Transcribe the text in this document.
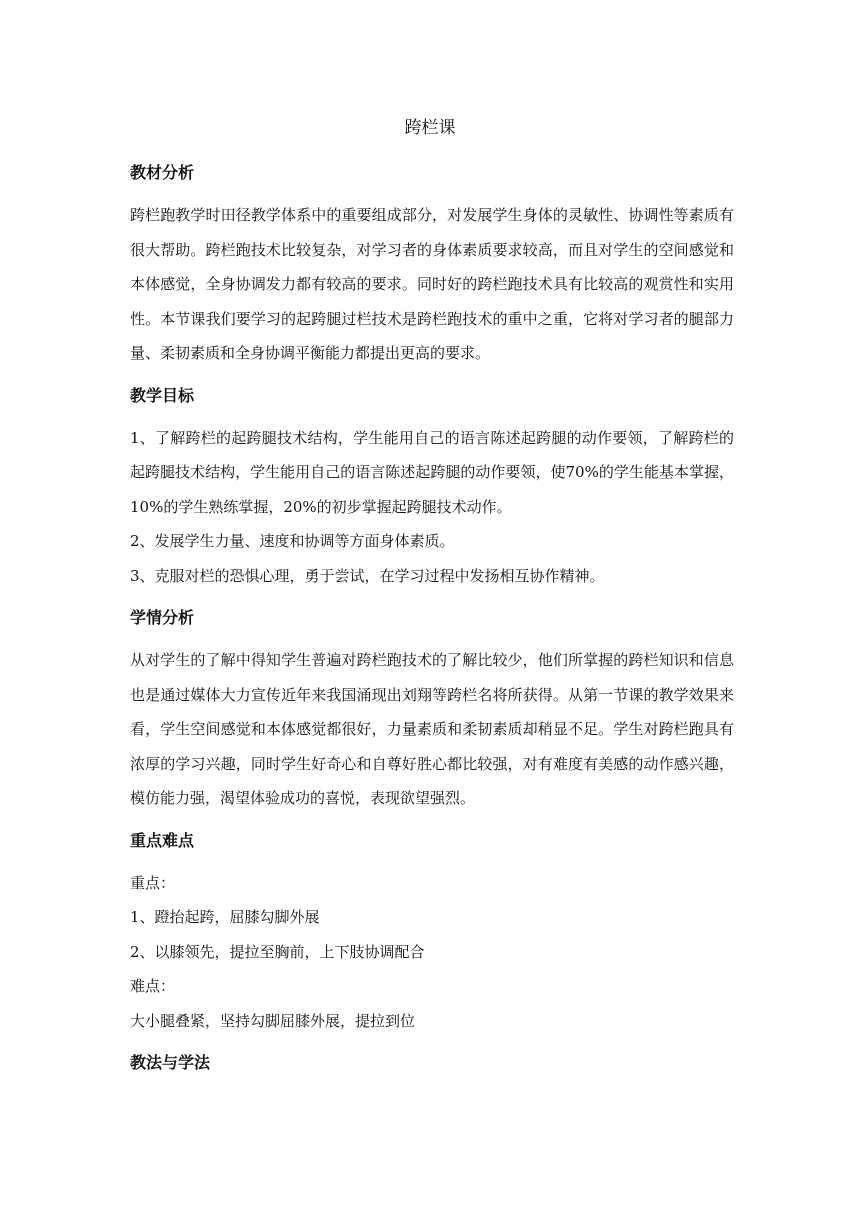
跨栏课
教材分析

跨栏跑教学时田径教学体系中的重要组成部分，对发展学生身体的灵敏性、协调性等素质有很大帮助。跨栏跑技术比较复杂，对学习者的身体素质要求较高，而且对学生的空间感觉和本体感觉，全身协调发力都有较高的要求。同时好的跨栏跑技术具有比较高的观赏性和实用性。本节课我们要学习的起跨腿过栏技术是跨栏跑技术的重中之重，它将对学习者的腿部力量、柔韧素质和全身协调平衡能力都提出更高的要求。

教学目标

1、了解跨栏的起跨腿技术结构，学生能用自己的语言陈述起跨腿的动作要领，了解跨栏的起跨腿技术结构，学生能用自己的语言陈述起跨腿的动作要领，使70%的学生能基本掌握，10%的学生熟练掌握，20%的初步掌握起跨腿技术动作。

2、发展学生力量、速度和协调等方面身体素质。

3、克服对栏的恐惧心理，勇于尝试，在学习过程中发扬相互协作精神。

学情分析

从对学生的了解中得知学生普遍对跨栏跑技术的了解比较少，他们所掌握的跨栏知识和信息也是通过媒体大力宣传近年来我国涌现出刘翔等跨栏名将所获得。从第一节课的教学效果来看，学生空间感觉和本体感觉都很好，力量素质和柔韧素质却稍显不足。学生对跨栏跑具有浓厚的学习兴趣，同时学生好奇心和自尊好胜心都比较强，对有难度有美感的动作感兴趣，模仿能力强，渴望体验成功的喜悦，表现欲望强烈。

重点难点

重点：

1、蹬抬起跨，屈膝勾脚外展

2、以膝领先，提拉至胸前，上下肢协调配合

难点：

大小腿叠紧，坚持勾脚屈膝外展，提拉到位

教法与学法
